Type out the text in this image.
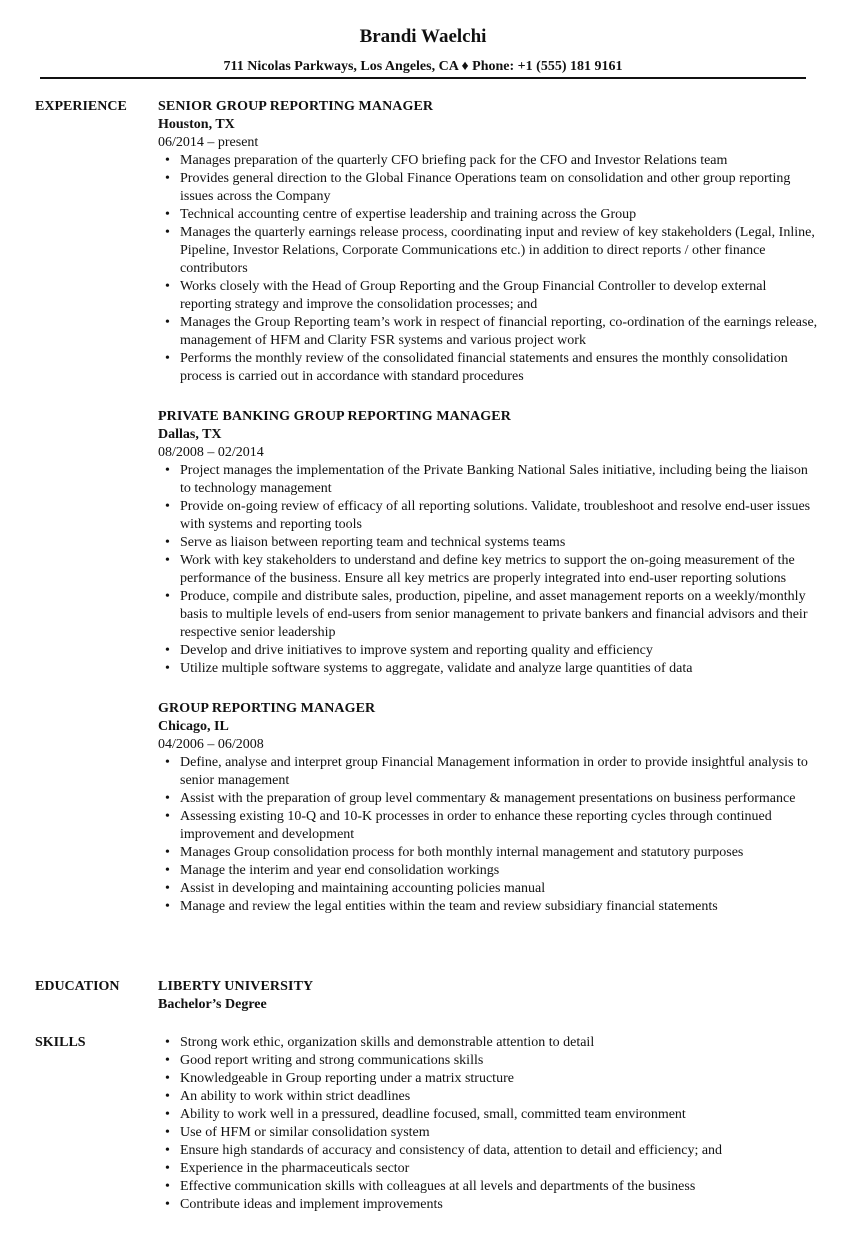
Brandi Waelchi
711 Nicolas Parkways, Los Angeles, CA ♦ Phone: +1 (555) 181 9161
EXPERIENCE SENIOR GROUP REPORTING MANAGER
Houston, TX
06/2014 – present
• Manages preparation of the quarterly CFO briefing pack for the CFO and Investor Relations team
• Provides general direction to the Global Finance Operations team on consolidation and other group reporting issues across the Company
• Technical accounting centre of expertise leadership and training across the Group
• Manages the quarterly earnings release process, coordinating input and review of key stakeholders (Legal, Inline, Pipeline, Investor Relations, Corporate Communications etc.) in addition to direct reports / other finance contributors
• Works closely with the Head of Group Reporting and the Group Financial Controller to develop external reporting strategy and improve the consolidation processes; and
• Manages the Group Reporting team’s work in respect of financial reporting, co-ordination of the earnings release, management of HFM and Clarity FSR systems and various project work
• Performs the monthly review of the consolidated financial statements and ensures the monthly consolidation process is carried out in accordance with standard procedures
PRIVATE BANKING GROUP REPORTING MANAGER
Dallas, TX
08/2008 – 02/2014
• Project manages the implementation of the Private Banking National Sales initiative, including being the liaison to technology management
• Provide on-going review of efficacy of all reporting solutions. Validate, troubleshoot and resolve end-user issues with systems and reporting tools
• Serve as liaison between reporting team and technical systems teams
• Work with key stakeholders to understand and define key metrics to support the on-going measurement of the performance of the business. Ensure all key metrics are properly integrated into end-user reporting solutions
• Produce, compile and distribute sales, production, pipeline, and asset management reports on a weekly/monthly basis to multiple levels of end-users from senior management to private bankers and financial advisors and their respective senior leadership
• Develop and drive initiatives to improve system and reporting quality and efficiency
• Utilize multiple software systems to aggregate, validate and analyze large quantities of data
GROUP REPORTING MANAGER
Chicago, IL
04/2006 – 06/2008
• Define, analyse and interpret group Financial Management information in order to provide insightful analysis to senior management
• Assist with the preparation of group level commentary & management presentations on business performance
• Assessing existing 10-Q and 10-K processes in order to enhance these reporting cycles through continued improvement and development
• Manages Group consolidation process for both monthly internal management and statutory purposes
• Manage the interim and year end consolidation workings
• Assist in developing and maintaining accounting policies manual
• Manage and review the legal entities within the team and review subsidiary financial statements
EDUCATION	LIBERTY UNIVERSITY
Bachelor’s Degree
SKILLS
•	Strong work ethic, organization skills and demonstrable attention to detail
• Good report writing and strong communications skills
• Knowledgeable in Group reporting under a matrix structure
• An ability to work within strict deadlines
• Ability to work well in a pressured, deadline focused, small, committed team environment
• Use of HFM or similar consolidation system
• Ensure high standards of accuracy and consistency of data, attention to detail and efficiency; and
• Experience in the pharmaceuticals sector
• Effective communication skills with colleagues at all levels and departments of the business
• Contribute ideas and implement improvements
